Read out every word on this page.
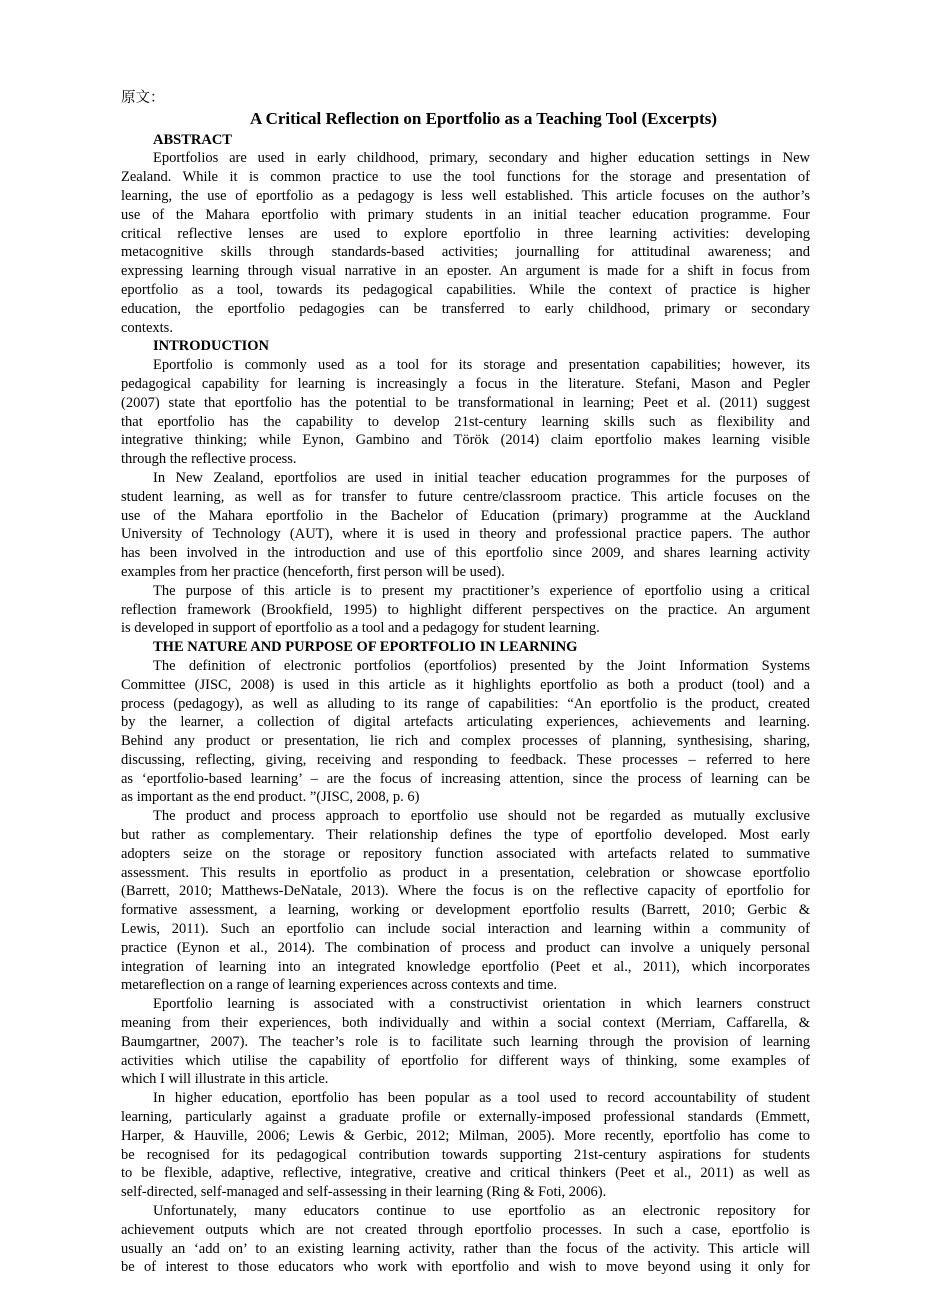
原文：
A Critical Reflection on Eportfolio as a Teaching Tool (Excerpts)
ABSTRACT
Eportfolios are used in early childhood, primary, secondary and higher education settings in New
Zealand. While it is common practice to use the tool functions for the storage and presentation of
learning, the use of eportfolio as a pedagogy is less well established. This article focuses on the author’s
use of the Mahara eportfolio with primary students in an initial teacher education programme. Four
critical reflective lenses are used to explore eportfolio in three learning activities: developing
metacognitive skills through standards-based activities; journalling for attitudinal awareness; and
expressing learning through visual narrative in an eposter. An argument is made for a shift in focus from
eportfolio as a tool, towards its pedagogical capabilities. While the context of practice is higher
education, the eportfolio pedagogies can be transferred to early childhood, primary or secondary
contexts.
INTRODUCTION
Eportfolio is commonly used as a tool for its storage and presentation capabilities; however, its
pedagogical capability for learning is increasingly a focus in the literature. Stefani, Mason and Pegler
(2007) state that eportfolio has the potential to be transformational in learning; Peet et al. (2011) suggest
that eportfolio has the capability to develop 21st-century learning skills such as flexibility and
integrative thinking; while Eynon, Gambino and Török (2014) claim eportfolio makes learning visible
through the reflective process.
In New Zealand, eportfolios are used in initial teacher education programmes for the purposes of
student learning, as well as for transfer to future centre/classroom practice. This article focuses on the
use of the Mahara eportfolio in the Bachelor of Education (primary) programme at the Auckland
University of Technology (AUT), where it is used in theory and professional practice papers. The author
has been involved in the introduction and use of this eportfolio since 2009, and shares learning activity
examples from her practice (henceforth, first person will be used).
The purpose of this article is to present my practitioner’s experience of eportfolio using a critical
reflection framework (Brookfield, 1995) to highlight different perspectives on the practice. An argument
is developed in support of eportfolio as a tool and a pedagogy for student learning.
THE NATURE AND PURPOSE OF EPORTFOLIO IN LEARNING
The definition of electronic portfolios (eportfolios) presented by the Joint Information Systems
Committee (JISC, 2008) is used in this article as it highlights eportfolio as both a product (tool) and a
process (pedagogy), as well as alluding to its range of capabilities: “An eportfolio is the product, created
by the learner, a collection of digital artefacts articulating experiences, achievements and learning.
Behind any product or presentation, lie rich and complex processes of planning, synthesising, sharing,
discussing, reflecting, giving, receiving and responding to feedback. These processes – referred to here
as ‘eportfolio-based learning’ – are the focus of increasing attention, since the process of learning can be
as important as the end product. ”(JISC, 2008, p. 6)
The product and process approach to eportfolio use should not be regarded as mutually exclusive
but rather as complementary. Their relationship defines the type of eportfolio developed. Most early
adopters seize on the storage or repository function associated with artefacts related to summative
assessment. This results in eportfolio as product in a presentation, celebration or showcase eportfolio
(Barrett, 2010; Matthews-DeNatale, 2013). Where the focus is on the reflective capacity of eportfolio for
formative assessment, a learning, working or development eportfolio results (Barrett, 2010; Gerbic &
Lewis, 2011). Such an eportfolio can include social interaction and learning within a community of
practice (Eynon et al., 2014). The combination of process and product can involve a uniquely personal
integration of learning into an integrated knowledge eportfolio (Peet et al., 2011), which incorporates
metareflection on a range of learning experiences across contexts and time.
Eportfolio learning is associated with a constructivist orientation in which learners construct
meaning from their experiences, both individually and within a social context (Merriam, Caffarella, &
Baumgartner, 2007). The teacher’s role is to facilitate such learning through the provision of learning
activities which utilise the capability of eportfolio for different ways of thinking, some examples of
which I will illustrate in this article.
In higher education, eportfolio has been popular as a tool used to record accountability of student
learning, particularly against a graduate profile or externally-imposed professional standards (Emmett,
Harper, & Hauville, 2006; Lewis & Gerbic, 2012; Milman, 2005). More recently, eportfolio has come to
be recognised for its pedagogical contribution towards supporting 21st-century aspirations for students
to be flexible, adaptive, reflective, integrative, creative and critical thinkers (Peet et al., 2011) as well as
self-directed, self-managed and self-assessing in their learning (Ring & Foti, 2006).
Unfortunately, many educators continue to use eportfolio as an electronic repository for
achievement outputs which are not created through eportfolio processes. In such a case, eportfolio is
usually an ‘add on’ to an existing learning activity, rather than the focus of the activity. This article will
be of interest to those educators who work with eportfolio and wish to move beyond using it only for
